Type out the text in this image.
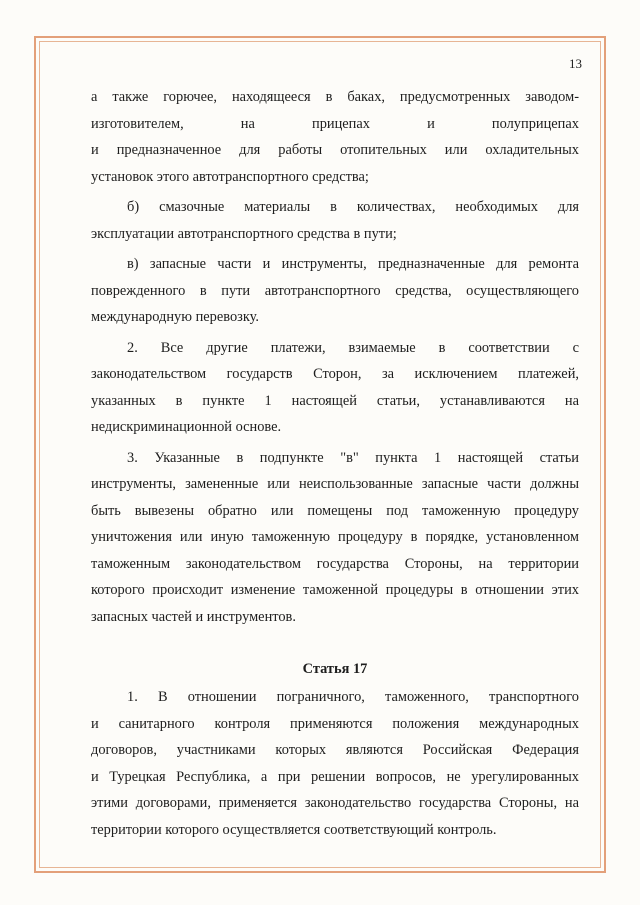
13

а также горючее, находящееся в баках, предусмотренных заводом-

изготовителем,	на	прицепах	и	полуприцепах

и предназначенное для работы отопительных или охладительных

установок этого автотранспортного средства;

б) смазочные материалы в количествах, необходимых для

эксплуатации автотранспортного средства в пути;

в) запасные части и инструменты, предназначенные для ремонта

поврежденного в пути автотранспортного средства, осуществляющего

международную перевозку.

2. Все другие платежи, взимаемые в соответствии с

законодательством государств Сторон, за исключением платежей,

указанных в пункте 1 настоящей статьи, устанавливаются на

недискриминационной основе.

3. Указанные в подпункте "в" пункта 1 настоящей статьи

инструменты, замененные или неиспользованные запасные части должны

быть вывезены обратно или помещены под таможенную процедуру

уничтожения или иную таможенную процедуру в порядке, установленном

таможенным законодательством государства Стороны, на территории

которого происходит изменение таможенной процедуры в отношении этих

запасных частей и инструментов.

Статья 17

1. В отношении пограничного, таможенного, транспортного

и санитарного контроля применяются положения международных

договоров, участниками которых являются Российская Федерация

и Турецкая Республика, а при решении вопросов, не урегулированных

этими договорами, применяется законодательство государства Стороны, на

территории которого осуществляется соответствующий контроль.
